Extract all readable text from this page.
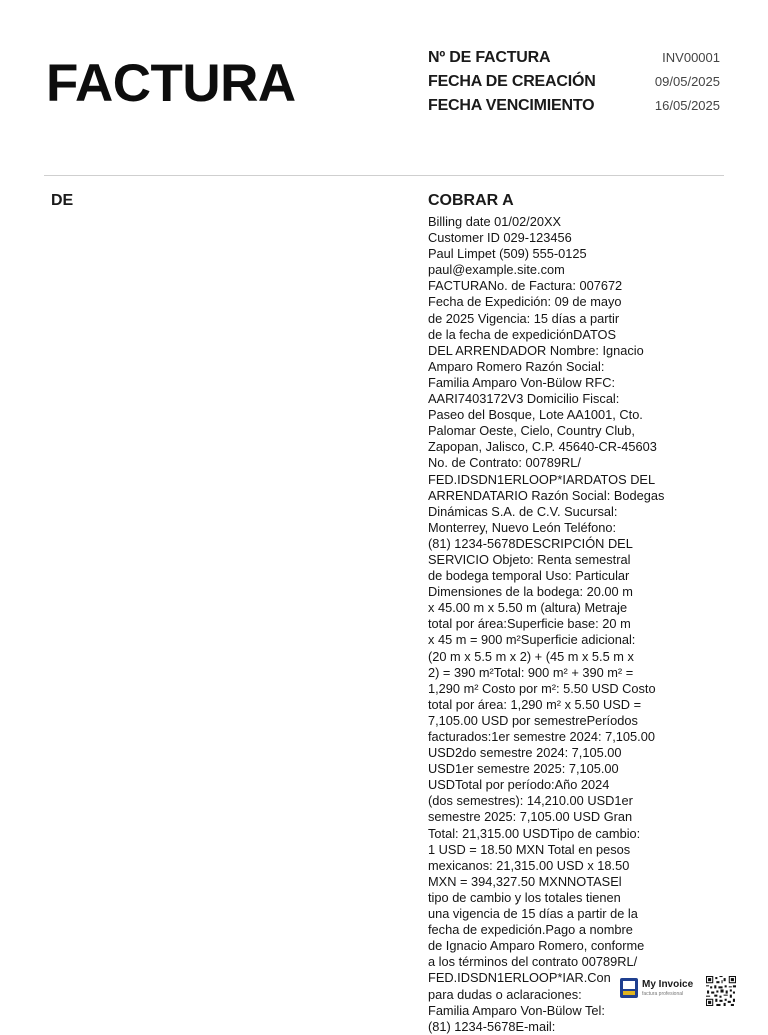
FACTURA	Nº DE FACTURA	INV00001
FECHA DE CREACIÓN	09/05/2025
FECHA VENCIMIENTO	16/05/2025
DE	COBRAR A
Billing date 01/02/20XX
Customer ID 029-123456
Paul Limpet (509) 555-0125
paul@example.site.com
FACTURANo. de Factura: 007672
Fecha de Expedición: 09 de mayo
de 2025 Vigencia: 15 días a partir
de la fecha de expediciónDATOS
DEL ARRENDADOR Nombre: Ignacio
Amparo Romero Razón Social:
Familia Amparo Von-Bülow RFC:
AARI7403172V3 Domicilio Fiscal:
Paseo del Bosque, Lote AA1001, Cto.
Palomar Oeste, Cielo, Country Club,
Zapopan, Jalisco, C.P. 45640-CR-45603
No. de Contrato: 00789RL/
FED.IDSDN1ERLOOP*IARDATOS DEL
ARRENDATARIO Razón Social: Bodegas
Dinámicas S.A. de C.V. Sucursal:
Monterrey, Nuevo León Teléfono:
(81) 1234-5678DESCRIPCIÓN DEL
SERVICIO Objeto: Renta semestral
de bodega temporal Uso: Particular
Dimensiones de la bodega: 20.00 m
x 45.00 m x 5.50 m (altura) Metraje
total por área:Superficie base: 20 m
x 45 m = 900 m²Superficie adicional:
(20 m x 5.5 m x 2) + (45 m x 5.5 m x
2) = 390 m²Total: 900 m² + 390 m² =
1,290 m² Costo por m²: 5.50 USD Costo
total por área: 1,290 m² x 5.50 USD =
7,105.00 USD por semestrePeríodos
facturados:1er semestre 2024: 7,105.00
USD2do semestre 2024: 7,105.00
USD1er semestre 2025: 7,105.00
USDTotal por período:Año 2024
(dos semestres): 14,210.00 USD1er
semestre 2025: 7,105.00 USD Gran
Total: 21,315.00 USDTipo de cambio:
1 USD = 18.50 MXN Total en pesos
mexicanos: 21,315.00 USD x 18.50
MXN = 394,327.50 MXNNOTASEl
tipo de cambio y los totales tienen
una vigencia de 15 días a partir de la
fecha de expedición.Pago a nombre
de Ignacio Amparo Romero, conforme
a los términos del contrato 00789RL/
FED.IDSDN1ERLOOP*IAR.Con
para dudas o aclaraciones:
Familia Amparo Von-Bülow Tel:
(81) 1234-5678E-mail:
My Invoice
factura profesional
